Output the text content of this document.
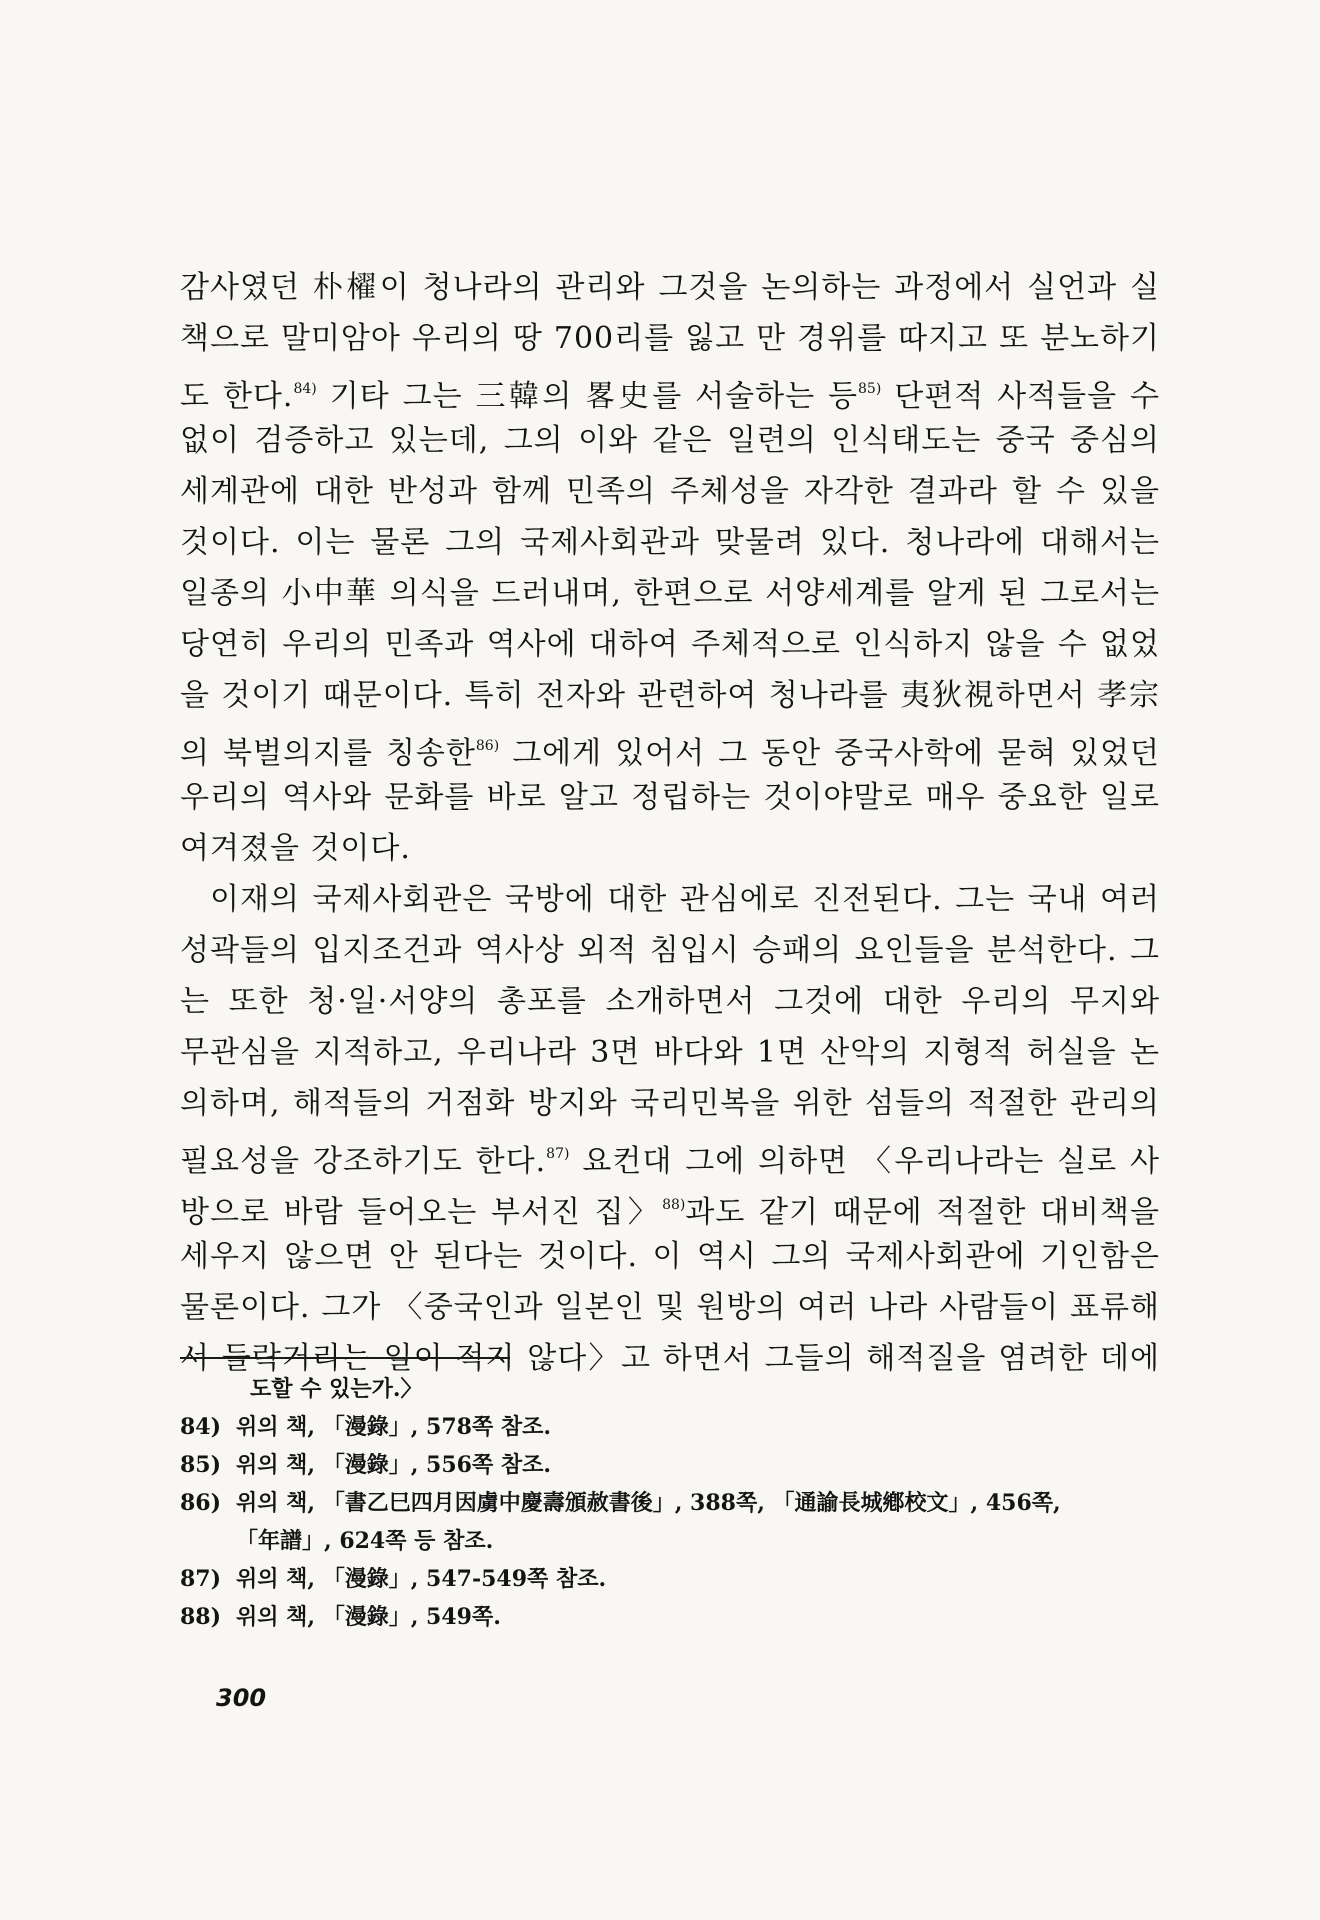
감사였던 朴櫂이 청나라의 관리와 그것을 논의하는 과정에서 실언과 실
책으로 말미암아 우리의 땅 700리를 잃고 만 경위를 따지고 또 분노하기
도 한다.$^{84)}$ 기타 그는 三韓의 畧史를 서술하는 등$^{85)}$ 단편적 사적들을 수
없이 검증하고 있는데, 그의 이와 같은 일련의 인식태도는 중국 중심의
세계관에 대한 반성과 함께 민족의 주체성을 자각한 결과라 할 수 있을
것이다. 이는 물론 그의 국제사회관과 맞물려 있다. 청나라에 대해서는
일종의 小中華 의식을 드러내며, 한편으로 서양세계를 알게 된 그로서는
당연히 우리의 민족과 역사에 대하여 주체적으로 인식하지 않을 수 없었
을 것이기 때문이다. 특히 전자와 관련하여 청나라를 夷狄視하면서 孝宗
의 북벌의지를 칭송한$^{86)}$ 그에게 있어서 그 동안 중국사학에 묻혀 있었던
우리의 역사와 문화를 바로 알고 정립하는 것이야말로 매우 중요한 일로
여겨졌을 것이다.
이재의 국제사회관은 국방에 대한 관심에로 진전된다. 그는 국내 여러
성곽들의 입지조건과 역사상 외적 침입시 승패의 요인들을 분석한다. 그
는 또한 청·일·서양의 총포를 소개하면서 그것에 대한 우리의 무지와
무관심을 지적하고, 우리나라 3면 바다와 1면 산악의 지형적 허실을 논
의하며, 해적들의 거점화 방지와 국리민복을 위한 섬들의 적절한 관리의
필요성을 강조하기도 한다.$^{87)}$ 요컨대 그에 의하면 〈우리나라는 실로 사
방으로 바람 들어오는 부서진 집〉$^{88)}$과도 같기 때문에 적절한 대비책을
세우지 않으면 안 된다는 것이다. 이 역시 그의 국제사회관에 기인함은
물론이다. 그가 〈중국인과 일본인 및 원방의 여러 나라 사람들이 표류해
서 들락거리는 일이 적지 않다〉고 하면서 그들의 해적질을 염려한 데에
도할 수 있는가.〉
84) 위의 책, 「漫錄」, 578쪽 참조.
85) 위의 책, 「漫錄」, 556쪽 참조.
86) 위의 책, 「書乙巳四月因虜中慶壽頒赦書後」, 388쪽, 「通諭長城鄕校文」, 456쪽,
「年譜」, 624쪽 등 참조.
87) 위의 책, 「漫錄」, 547-549쪽 참조.
88) 위의 책, 「漫錄」, 549쪽.
300
